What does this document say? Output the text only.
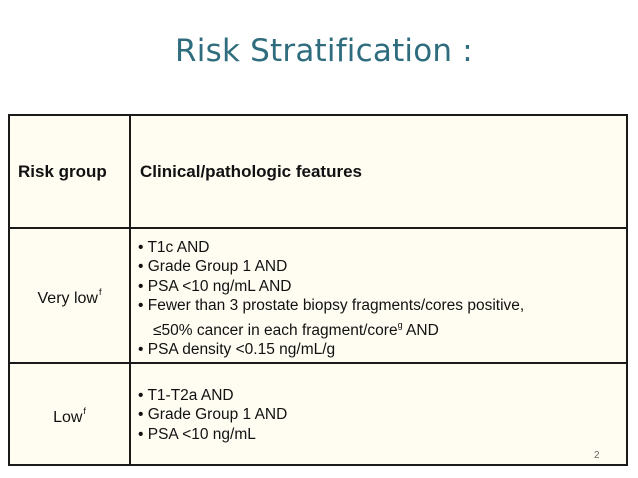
Risk Stratification :
Risk group Clinical/pathologic features
Very low$^f$
• T1c AND
• Grade Group 1 AND
• PSA <10 ng/mL AND
• Fewer than 3 prostate biopsy fragments/cores positive,
≤50% cancer in each fragment/core$^g$ AND
• PSA density <0.15 ng/mL/g
Low$^f$
• T1-T2a AND
• Grade Group 1 AND
• PSA <10 ng/mL
2
